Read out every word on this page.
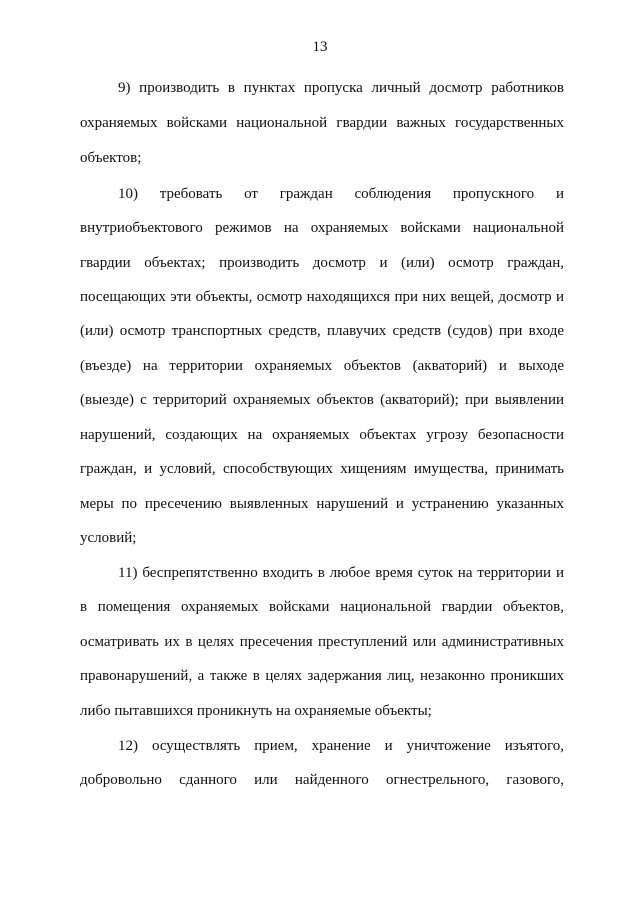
13
9) производить в пунктах пропуска личный досмотр работников
охраняемых войсками национальной гвардии важных государственных
объектов;
10) требовать от граждан соблюдения пропускного и
внутриобъектового режимов на охраняемых войсками национальной
гвардии объектах; производить досмотр и (или) осмотр граждан,
посещающих эти объекты, осмотр находящихся при них вещей, досмотр и
(или) осмотр транспортных средств, плавучих средств (судов) при входе
(въезде) на территории охраняемых объектов (акваторий) и выходе
(выезде) с территорий охраняемых объектов (акваторий); при выявлении
нарушений, создающих на охраняемых объектах угрозу безопасности
граждан, и условий, способствующих хищениям имущества, принимать
меры по пресечению выявленных нарушений и устранению указанных
условий;
11) беспрепятственно входить в любое время суток на территории и
в помещения охраняемых войсками национальной гвардии объектов,
осматривать их в целях пресечения преступлений или административных
правонарушений, а также в целях задержания лиц, незаконно проникших
либо пытавшихся проникнуть на охраняемые объекты;
12) осуществлять прием, хранение и уничтожение изъятого,
добровольно сданного или найденного огнестрельного, газового,
